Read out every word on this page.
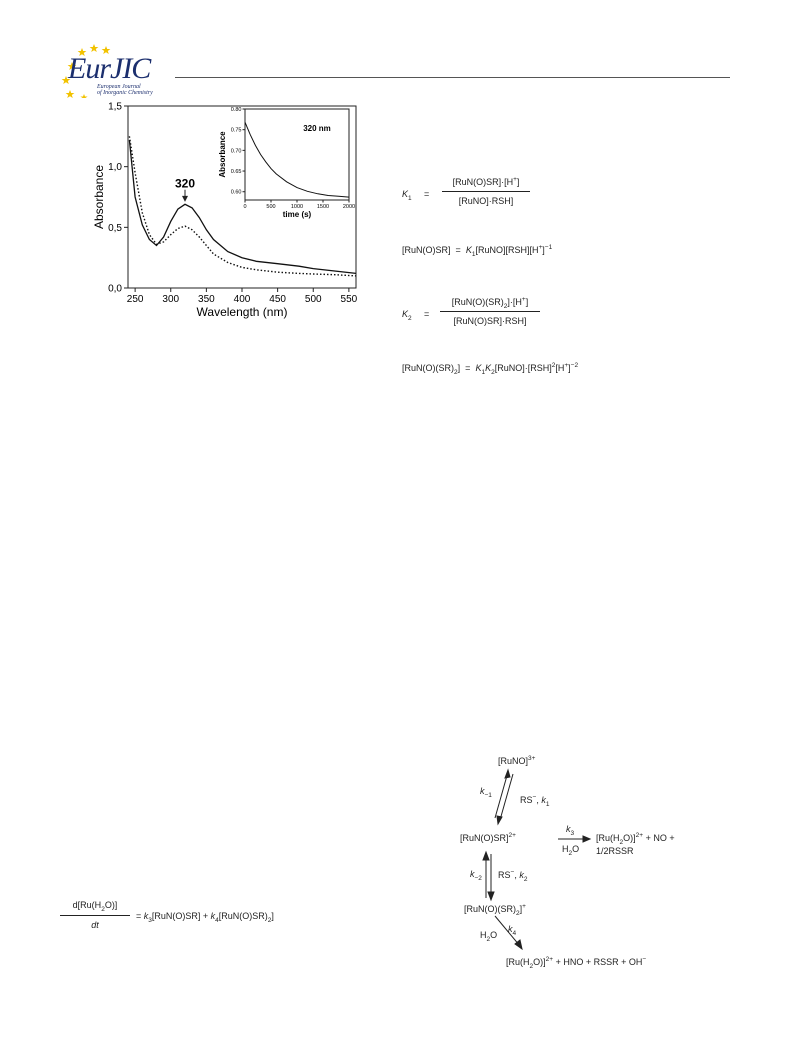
EurJIC
European Journal
of Inorganic Chemistry
250 300 350 400 450 500 550
0,0
0,5
1,0
1,5
Wavelength (nm)
Absorbance	320
0	500	1000	1500	2000
0.60
0.65
0.70
0.75
0.80
time (s)
Absorbance
320 nm
$K_1$ =
[RuN(O)SR]·[H+]
[RuNO]·RSH]
$[RuN(O)SR] = K_1[RuNO][RSH][H^+]^{-1}$
$K_2$ =
$[RuN(O)(SR)_2]\cdot[H^+]$
[RuN(O)SR]·RSH]
$[RuN(O)(SR)_2]$ = $K_1K_2[RuNO]\cdot[RSH]^2[H^+]^{-2}$
$d[Ru(H_2O)]$
dt
= $k_3[RuN(O)SR] + k_4[RuN(O)SR)_2$]
[RuNO]$^{3+}$
$k_{-1}$	RS−, $k_1$
$[RuN(O)SR]^{2+}$
$k_3$
$H_2O$
$[Ru(H_2O)]^{2+}$ + NO +
1/2RSSR
$k_{-2}$ RS−, $k_2$
$[RuN(O)(SR)_2]^+$
$H_2O$
$k_4$
$[Ru(H_2O)]^{2+}$ + HNO + RSSR + OH−
